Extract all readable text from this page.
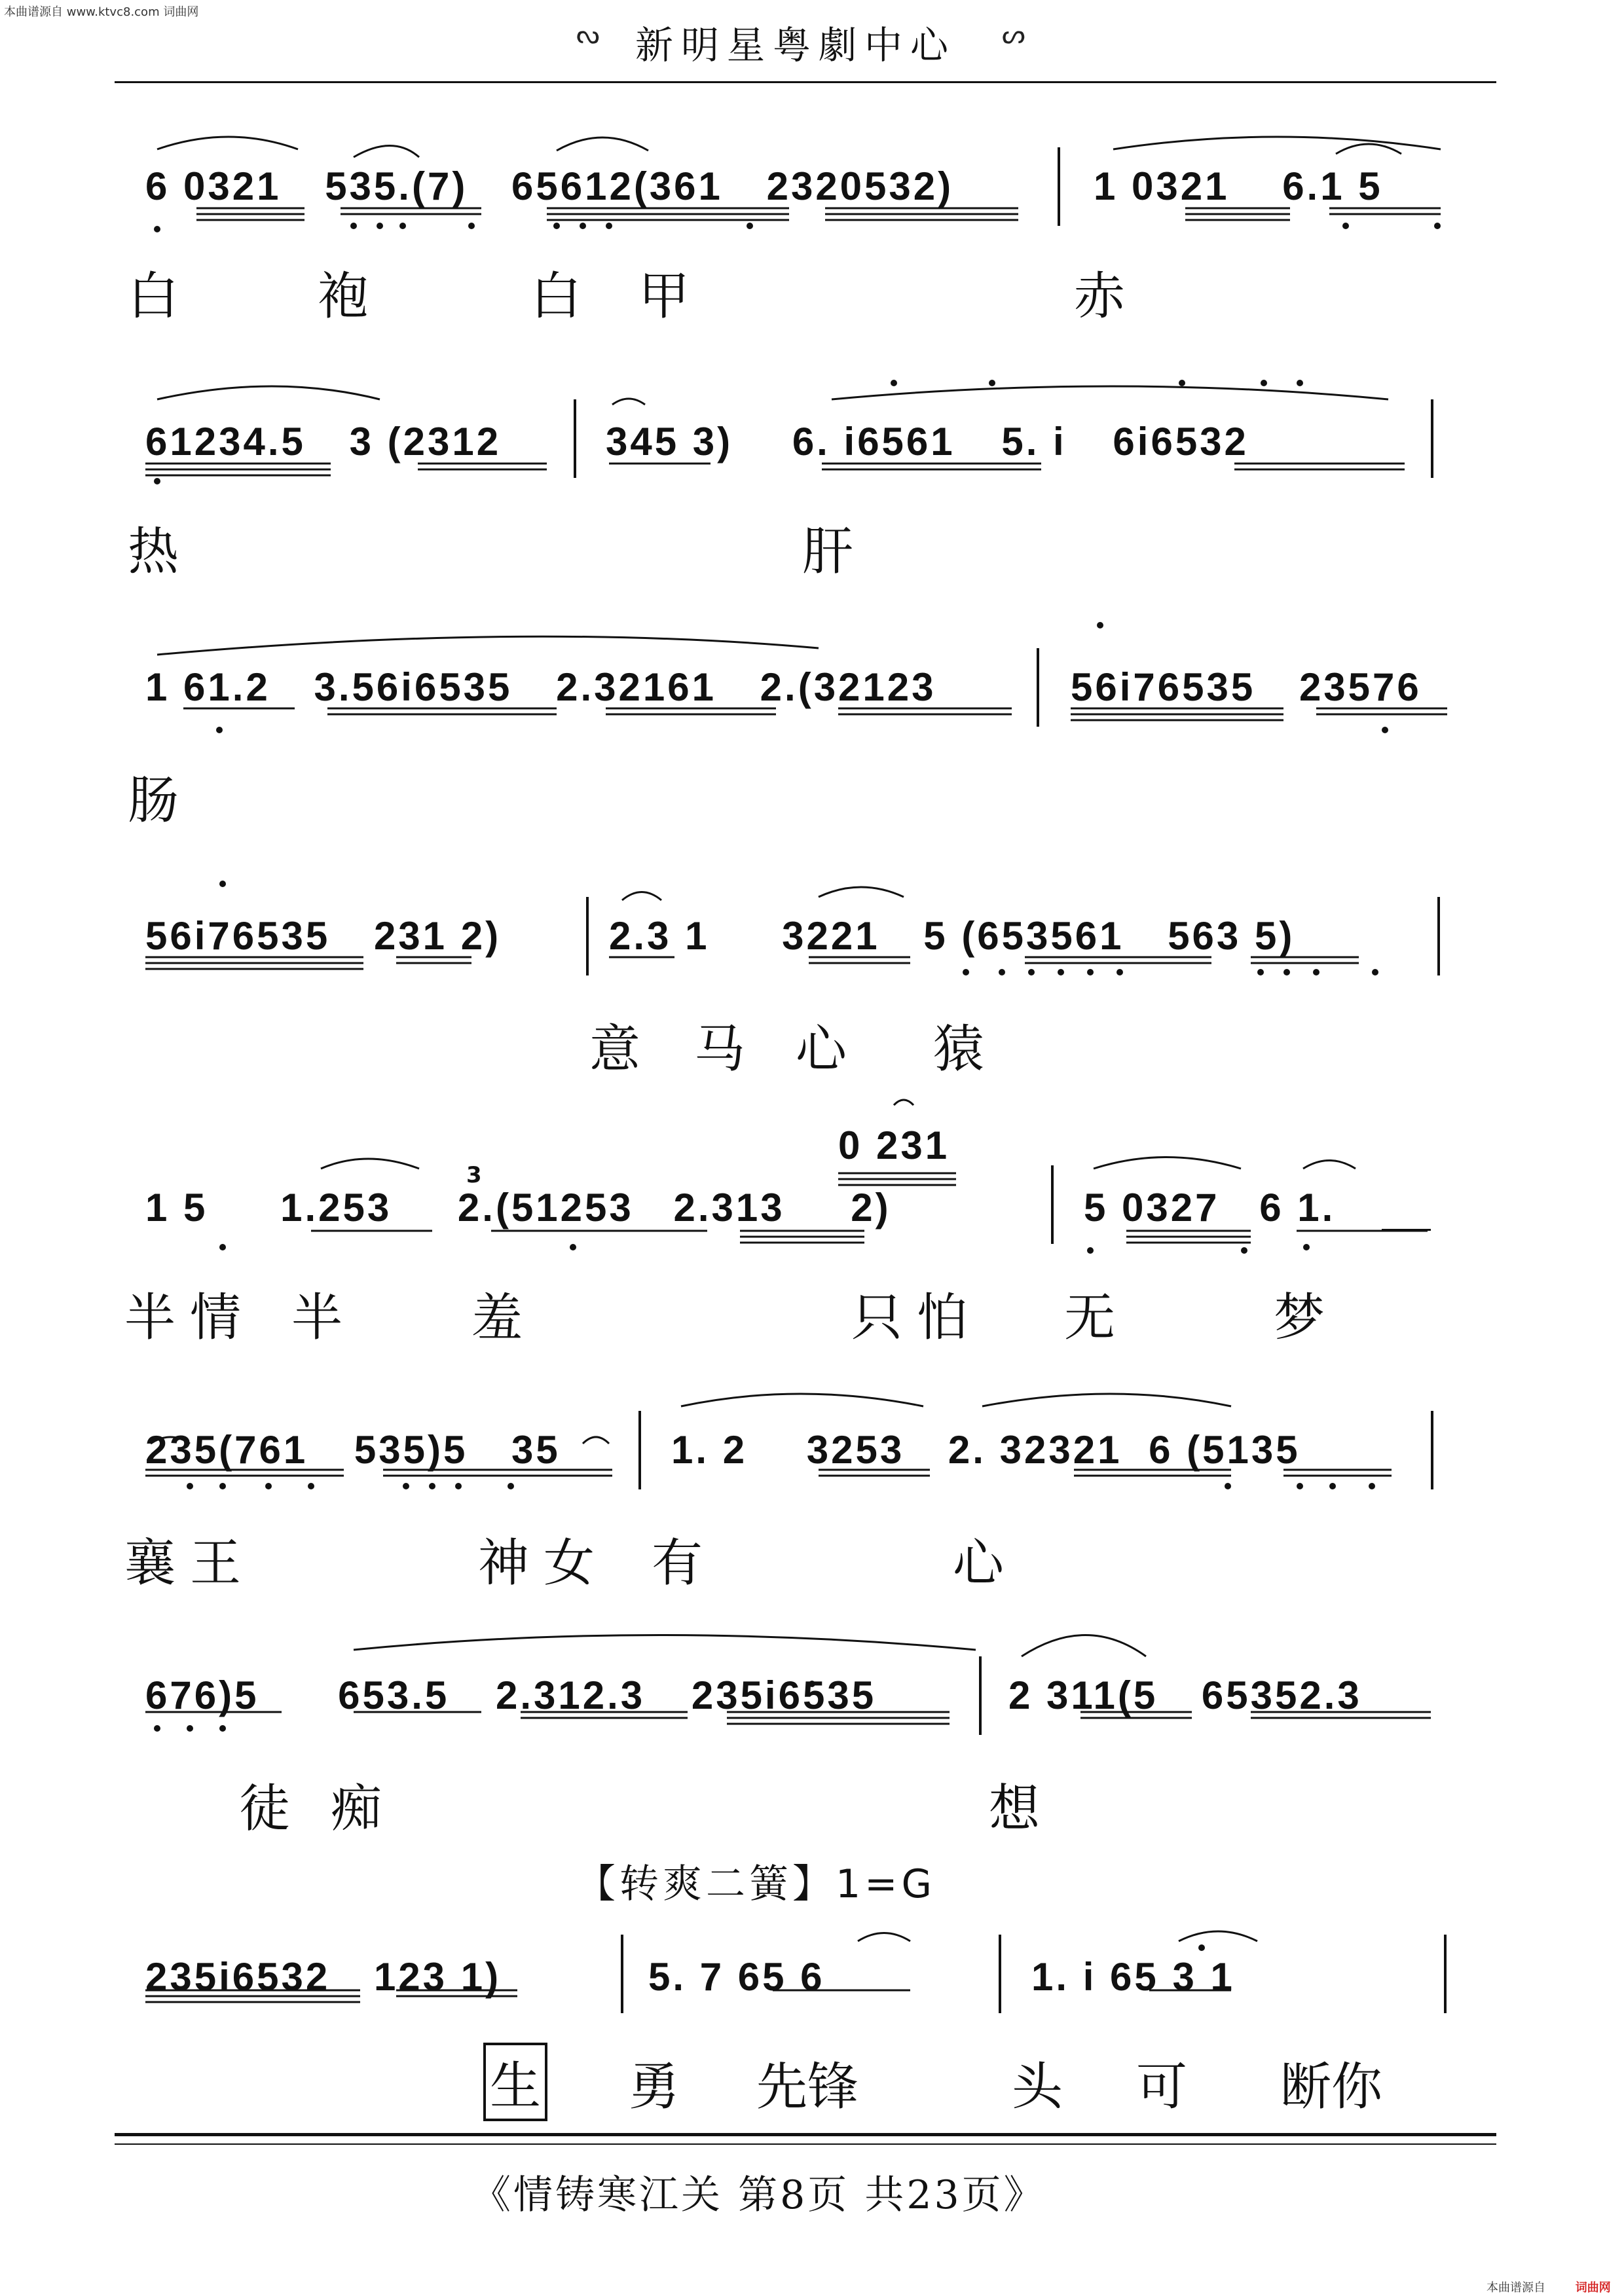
本曲谱源自 www.ktvc8.com 词曲网
本曲谱源自	词曲网
ᔓ 新明星粤劇中心 ᔕ
6 0321 535.(7) 65612(361 2320532)	1 0321 6.1 5
白	袍	白 甲	赤
61234.5 3 (2312	345 3) 6. i6561 5. i 6i6532
热	肝
1 61.2 3.56i6535 2.32161 2.(32123	56i76535 23576
肠
56i76535 231 2)	2.3 1 3221 5 (653561 563 5)
意 马 心 猿
0 231
3
1 5 1.253 2.(51253 2.313 2)	5 0327 6 1.
半 情 半	羞	只 怕 无	梦
235(761 535)5 35	1. 2 3253 2. 32321 6 (5135
襄 王	神 女 有	心
676)5 653.5 2.312.3 235i6535	2 311(5 65352.3
徒 痴	想
【转爽二簧】1=G
235i6532 123 1)	5. 7 65 6	1. i 65 3 1
生 勇 先锋	头 可 断你
《情铸寒江关 第8页 共23页》
